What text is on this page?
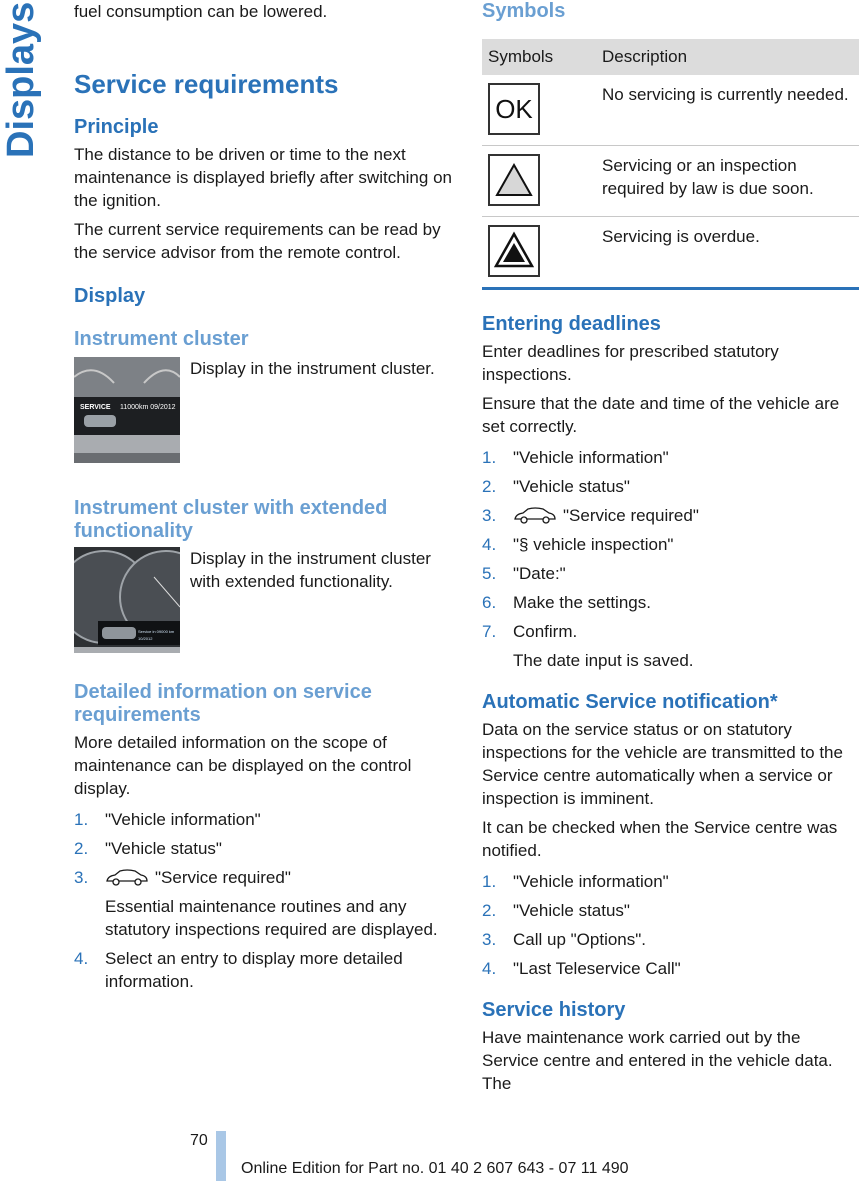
Displays fuel consumption can be lowered.

Service requirements
Principle

The distance to be driven or time to the next maintenance is displayed briefly after switching on the ignition.

The current service requirements can be read by the service advisor from the remote control.

Display
Instrument cluster
SERVICE 11000km 09/2012

Display in the instrument cluster.

Instrument cluster with extended functionality
Service in 09000 km
10/2012

Display in the instrument cluster with extended functionality.

Detailed information on service requirements

More detailed information on the scope of maintenance can be displayed on the control display.

1. "Vehicle information"
2. "Vehicle status"
3.	"Service required"
Essential maintenance routines and any statutory inspections required are displayed.
4. Select an entry to display more detailed information.
Symbols
Symbols	Description

OK	No servicing is currently needed.

	Servicing or an inspection required by law is due soon.

	Servicing is overdue.
Entering deadlines

Enter deadlines for prescribed statutory inspections.

Ensure that the date and time of the vehicle are set correctly.

1. "Vehicle information"
2. "Vehicle status"
3.	"Service required"
4. "§ vehicle inspection"
5. "Date:"
6. Make the settings.
7. Confirm.
The date input is saved.
Automatic Service notification*

Data on the service status or on statutory inspections for the vehicle are transmitted to the Service centre automatically when a service or inspection is imminent.

It can be checked when the Service centre was notified.

1. "Vehicle information"
2. "Vehicle status"
3. Call up "Options".
4. "Last Teleservice Call"
Service history

Have maintenance work carried out by the Service centre and entered in the vehicle data. The

70
Online Edition for Part no. 01 40 2 607 643 - 07 11 490
